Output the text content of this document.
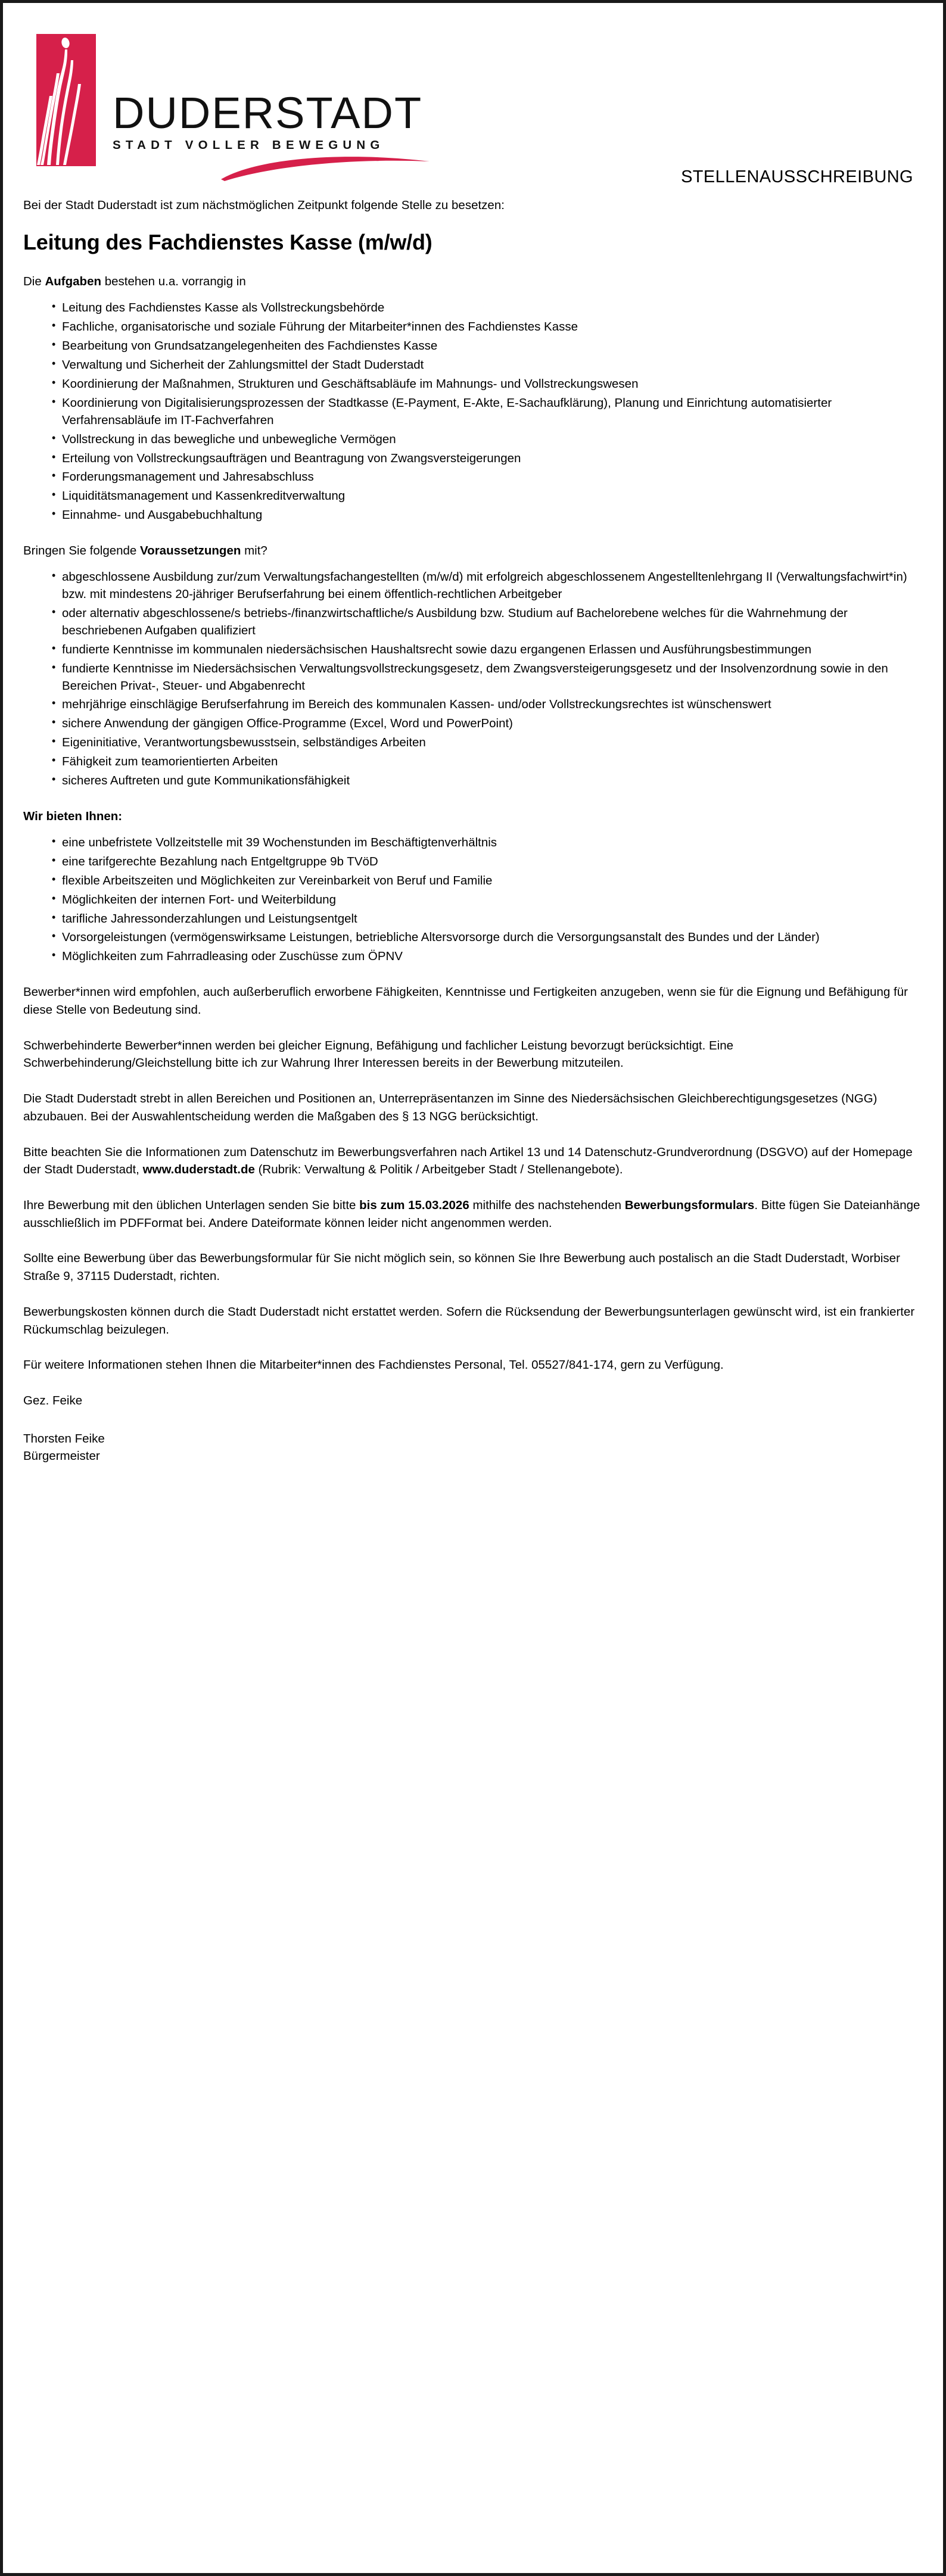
DUDERSTADT
STADT VOLLER BEWEGUNG
STELLENAUSSCHREIBUNG
Bei der Stadt Duderstadt ist zum nächstmöglichen Zeitpunkt folgende Stelle zu besetzen:
Leitung des Fachdienstes Kasse (m/w/d)

Die Aufgaben bestehen u.a. vorrangig in

• Leitung des Fachdienstes Kasse als Vollstreckungsbehörde
• Fachliche, organisatorische und soziale Führung der Mitarbeiter*innen des Fachdienstes Kasse
• Bearbeitung von Grundsatzangelegenheiten des Fachdienstes Kasse
• Verwaltung und Sicherheit der Zahlungsmittel der Stadt Duderstadt
• Koordinierung der Maßnahmen, Strukturen und Geschäftsabläufe im Mahnungs- und Vollstreckungswesen
• Koordinierung von Digitalisierungsprozessen der Stadtkasse (E-Payment, E-Akte, E-Sachaufklärung), Planung und Einrichtung automatisierter Verfahrensabläufe im IT-Fachverfahren
• Vollstreckung in das bewegliche und unbewegliche Vermögen
• Erteilung von Vollstreckungsaufträgen und Beantragung von Zwangsversteigerungen
• Forderungsmanagement und Jahresabschluss
• Liquiditätsmanagement und Kassenkreditverwaltung
• Einnahme- und Ausgabebuchhaltung

Bringen Sie folgende Voraussetzungen mit?

• abgeschlossene Ausbildung zur/zum Verwaltungsfachangestellten (m/w/d) mit erfolgreich abgeschlossenem Angestelltenlehrgang II (Verwaltungsfachwirt*in) bzw. mit mindestens 20-jähriger Berufserfahrung bei einem öffentlich-rechtlichen Arbeitgeber
• oder alternativ abgeschlossene/s betriebs-/finanzwirtschaftliche/s Ausbildung bzw. Studium auf Bachelorebene welches für die Wahrnehmung der beschriebenen Aufgaben qualifiziert
• fundierte Kenntnisse im kommunalen niedersächsischen Haushaltsrecht sowie dazu ergangenen Erlassen und Ausführungsbestimmungen
• fundierte Kenntnisse im Niedersächsischen Verwaltungsvollstreckungsgesetz, dem Zwangsversteigerungsgesetz und der Insolvenzordnung sowie in den Bereichen Privat-, Steuer- und Abgabenrecht
• mehrjährige einschlägige Berufserfahrung im Bereich des kommunalen Kassen- und/oder Vollstreckungsrechtes ist wünschenswert
• sichere Anwendung der gängigen Office-Programme (Excel, Word und PowerPoint)
• Eigeninitiative, Verantwortungsbewusstsein, selbständiges Arbeiten
• Fähigkeit zum teamorientierten Arbeiten
• sicheres Auftreten und gute Kommunikationsfähigkeit

Wir bieten Ihnen:

• eine unbefristete Vollzeitstelle mit 39 Wochenstunden im Beschäftigtenverhältnis
• eine tarifgerechte Bezahlung nach Entgeltgruppe 9b TVöD
• flexible Arbeitszeiten und Möglichkeiten zur Vereinbarkeit von Beruf und Familie
• Möglichkeiten der internen Fort- und Weiterbildung
• tarifliche Jahressonderzahlungen und Leistungsentgelt
• Vorsorgeleistungen (vermögenswirksame Leistungen, betriebliche Altersvorsorge durch die Versorgungsanstalt des Bundes und der Länder)
• Möglichkeiten zum Fahrradleasing oder Zuschüsse zum ÖPNV

Bewerber*innen wird empfohlen, auch außerberuflich erworbene Fähigkeiten, Kenntnisse und Fertigkeiten anzugeben, wenn sie für die Eignung und Befähigung für diese Stelle von Bedeutung sind.

Schwerbehinderte Bewerber*innen werden bei gleicher Eignung, Befähigung und fachlicher Leistung bevorzugt berücksichtigt. Eine Schwerbehinderung/Gleichstellung bitte ich zur Wahrung Ihrer Interessen bereits in der Bewerbung mitzuteilen.

Die Stadt Duderstadt strebt in allen Bereichen und Positionen an, Unterrepräsentanzen im Sinne des Niedersächsischen Gleichberechtigungsgesetzes (NGG) abzubauen. Bei der Auswahlentscheidung werden die Maßgaben des § 13 NGG berücksichtigt.

Bitte beachten Sie die Informationen zum Datenschutz im Bewerbungsverfahren nach Artikel 13 und 14 Datenschutz-Grundverordnung (DSGVO) auf der Homepage der Stadt Duderstadt, www.duderstadt.de (Rubrik: Verwaltung & Politik / Arbeitgeber Stadt / Stellenangebote).

Ihre Bewerbung mit den üblichen Unterlagen senden Sie bitte bis zum 15.03.2026 mithilfe des nachstehenden Bewerbungsformulars. Bitte fügen Sie Dateianhänge ausschließlich im PDFFormat bei. Andere Dateiformate können leider nicht angenommen werden.

Sollte eine Bewerbung über das Bewerbungsformular für Sie nicht möglich sein, so können Sie Ihre Bewerbung auch postalisch an die Stadt Duderstadt, Worbiser Straße 9, 37115 Duderstadt, richten.

Bewerbungskosten können durch die Stadt Duderstadt nicht erstattet werden. Sofern die Rücksendung der Bewerbungsunterlagen gewünscht wird, ist ein frankierter Rückumschlag beizulegen.

Für weitere Informationen stehen Ihnen die Mitarbeiter*innen des Fachdienstes Personal, Tel. 05527/841-174, gern zu Verfügung.

Gez. Feike

Thorsten Feike

Bürgermeister
